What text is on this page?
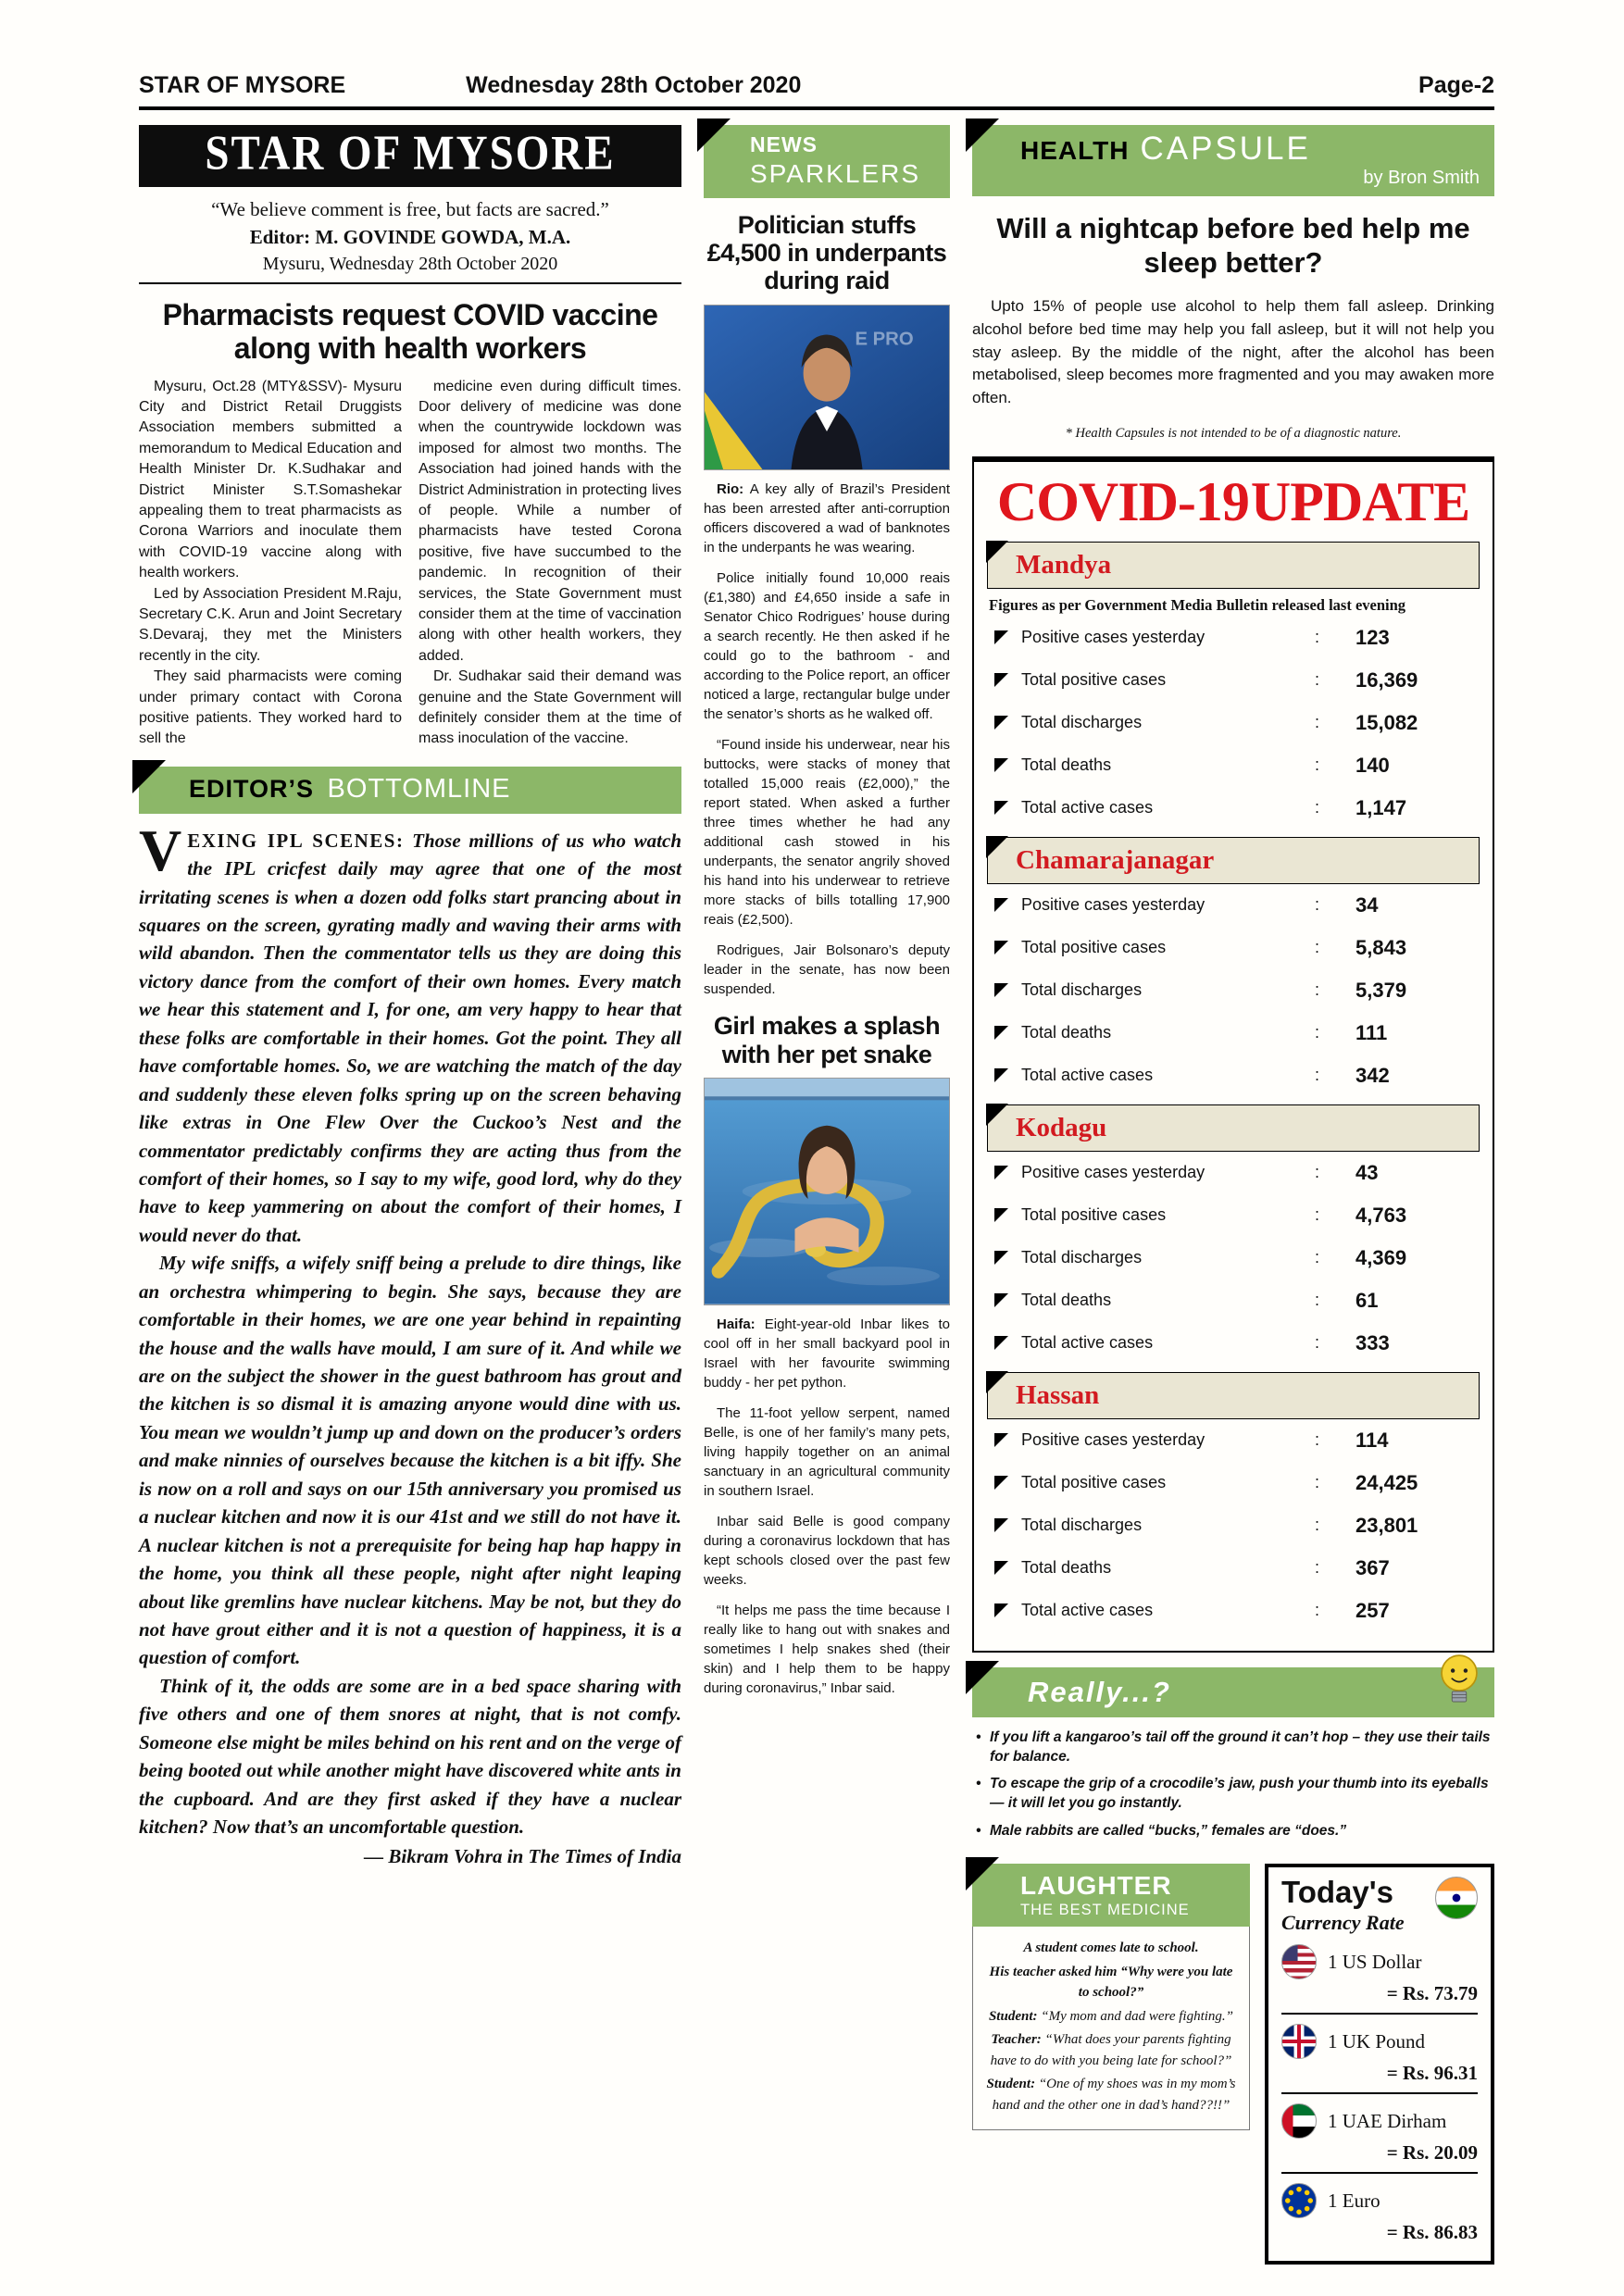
STAR OF MYSORE	Wednesday 28th October 2020	Page-2
STAR OF MYSORE
“We believe comment is free, but facts are sacred.”
Editor: M. GOVINDE GOWDA, M.A.
Mysuru, Wednesday 28th October 2020
Pharmacists request COVID vaccine along with health workers

Mysuru, Oct.28 (MTY&SSV)- Mysuru City and District Retail Druggists Association members submitted a memorandum to Medical Education and Health Minister Dr. K.Sudhakar and District Minister S.T.Somashekar appealing them to treat pharmacists as Corona Warriors and inoculate them with COVID-19 vaccine along with health workers.

Led by Association President M.Raju, Secretary C.K. Arun and Joint Secretary S.Devaraj, they met the Ministers recently in the city.

They said pharmacists were coming under primary contact with Corona positive patients. They worked hard to sell the

medicine even during difficult times. Door delivery of medicine was done when the countrywide lockdown was imposed for almost two months. The Association had joined hands with the District Administration in protecting lives of people. While a number of pharmacists have tested Corona positive, five have succumbed to the pandemic. In recognition of their services, the State Government must consider them at the time of vaccination along with other health workers, they added.

Dr. Sudhakar said their demand was genuine and the State Government will definitely consider them at the time of mass inoculation of the vaccine.

EDITOR’S BOTTOMLINE

VEXING IPL SCENES: Those millions of us who watch the IPL cricfest daily may agree that one of the most irritating scenes is when a dozen odd folks start prancing about in squares on the screen, gyrating madly and waving their arms with wild abandon. Then the commentator tells us they are doing this victory dance from the comfort of their own homes. Every match we hear this statement and I, for one, am very happy to hear that these folks are comfortable in their homes. Got the point. They all have comfortable homes. So, we are watching the match of the day and suddenly these eleven folks spring up on the screen behaving like extras in One Flew Over the Cuckoo’s Nest and the commentator predictably confirms they are acting thus from the comfort of their homes, so I say to my wife, good lord, why do they have to keep yammering on about the comfort of their homes, I would never do that.

My wife sniffs, a wifely sniff being a prelude to dire things, like an orchestra whimpering to begin. She says, because they are comfortable in their homes, we are one year behind in repainting the house and the walls have mould, I am sure of it. And while we are on the subject the shower in the guest bathroom has grout and the kitchen is so dismal it is amazing anyone would dine with us. You mean we wouldn’t jump up and down on the producer’s orders and make ninnies of ourselves because the kitchen is a bit iffy. She is now on a roll and says on our 15th anniversary you promised us a nuclear kitchen and now it is our 41st and we still do not have it. A nuclear kitchen is not a prerequisite for being hap hap happy in the home, you think all these people, night after night leaping about like gremlins have nuclear kitchens. May be not, but they do not have grout either and it is not a question of happiness, it is a question of comfort.

Think of it, the odds are some are in a bed space sharing with five others and one of them snores at night, that is not comfy. Someone else might be miles behind on his rent and on the verge of being booted out while another might have discovered white ants in the cupboard. And are they first asked if they have a nuclear kitchen? Now that’s an uncomfortable question.

— Bikram Vohra in The Times of India
NEWS
SPARKLERS
Politician stuffs £4,500 in underpants during raid
E PRO

Rio: A key ally of Brazil’s President has been arrested after anti-corruption officers discovered a wad of banknotes in the underpants he was wearing.

Police initially found 10,000 reais (£1,380) and £4,650 inside a safe in Senator Chico Rodrigues’ house during a search recently. He then asked if he could go to the bathroom - and according to the Police report, an officer noticed a large, rectangular bulge under the senator’s shorts as he walked off.

“Found inside his underwear, near his buttocks, were stacks of money that totalled 15,000 reais (£2,000),” the report stated. When asked a further three times whether he had any additional cash stowed in his underpants, the senator angrily shoved his hand into his underwear to retrieve more stacks of bills totalling 17,900 reais (£2,500).

Rodrigues, Jair Bolsonaro’s deputy leader in the senate, has now been suspended.

Girl makes a splash with her pet snake

Haifa: Eight-year-old Inbar likes to cool off in her small backyard pool in Israel with her favourite swimming buddy - her pet python.

The 11-foot yellow serpent, named Belle, is one of her family’s many pets, living happily together on an animal sanctuary in an agricultural community in southern Israel.

Inbar said Belle is good company during a coronavirus lockdown that has kept schools closed over the past few weeks.

“It helps me pass the time because I really like to hang out with snakes and sometimes I help snakes shed (their skin) and I help them to be happy during coronavirus,” Inbar said.

HEALTH CAPSULE
by Bron Smith
Will a nightcap before bed help me sleep better?

Upto 15% of people use alcohol to help them fall asleep. Drinking alcohol before bed time may help you fall asleep, but it will not help you stay asleep. By the middle of the night, after the alcohol has been metabolised, sleep becomes more fragmented and you may awaken more often.

* Health Capsules is not intended to be of a diagnostic nature.
COVID-19 UPDATE
Mandya
Figures as per Government Media Bulletin released last evening
Positive cases yesterday	:	123
Total positive cases	:	16,369
Total discharges	:	15,082
Total deaths	:	140
Total active cases	:	1,147
Chamarajanagar
Positive cases yesterday	:	34
Total positive cases	:	5,843
Total discharges	:	5,379
Total deaths	:	111
Total active cases	:	342
Kodagu
Positive cases yesterday	:	43
Total positive cases	:	4,763
Total discharges	:	4,369
Total deaths	:	61
Total active cases	:	333
Hassan
Positive cases yesterday	:	114
Total positive cases	:	24,425
Total discharges	:	23,801
Total deaths	:	367
Total active cases	:	257
Really...?
• If you lift a kangaroo’s tail off the ground it can’t hop – they use their tails for balance.
• To escape the grip of a crocodile’s jaw, push your thumb into its eyeballs — it will let you go instantly.
• Male rabbits are called “bucks,” females are “does.”
LAUGHTER
THE BEST MEDICINE
A student comes late to school.
His teacher asked him “Why were you late to school?”
Student: “My mom and dad were fighting.”
Teacher: “What does your parents fighting have to do with you being late for school?”
Student: “One of my shoes was in my mom’s hand and the other one in dad’s hand??!!”
Today's
Currency Rate
1 US Dollar
= Rs. 73.79
1 UK Pound
= Rs. 96.31
1 UAE Dirham
= Rs. 20.09
1 Euro
= Rs. 86.83
